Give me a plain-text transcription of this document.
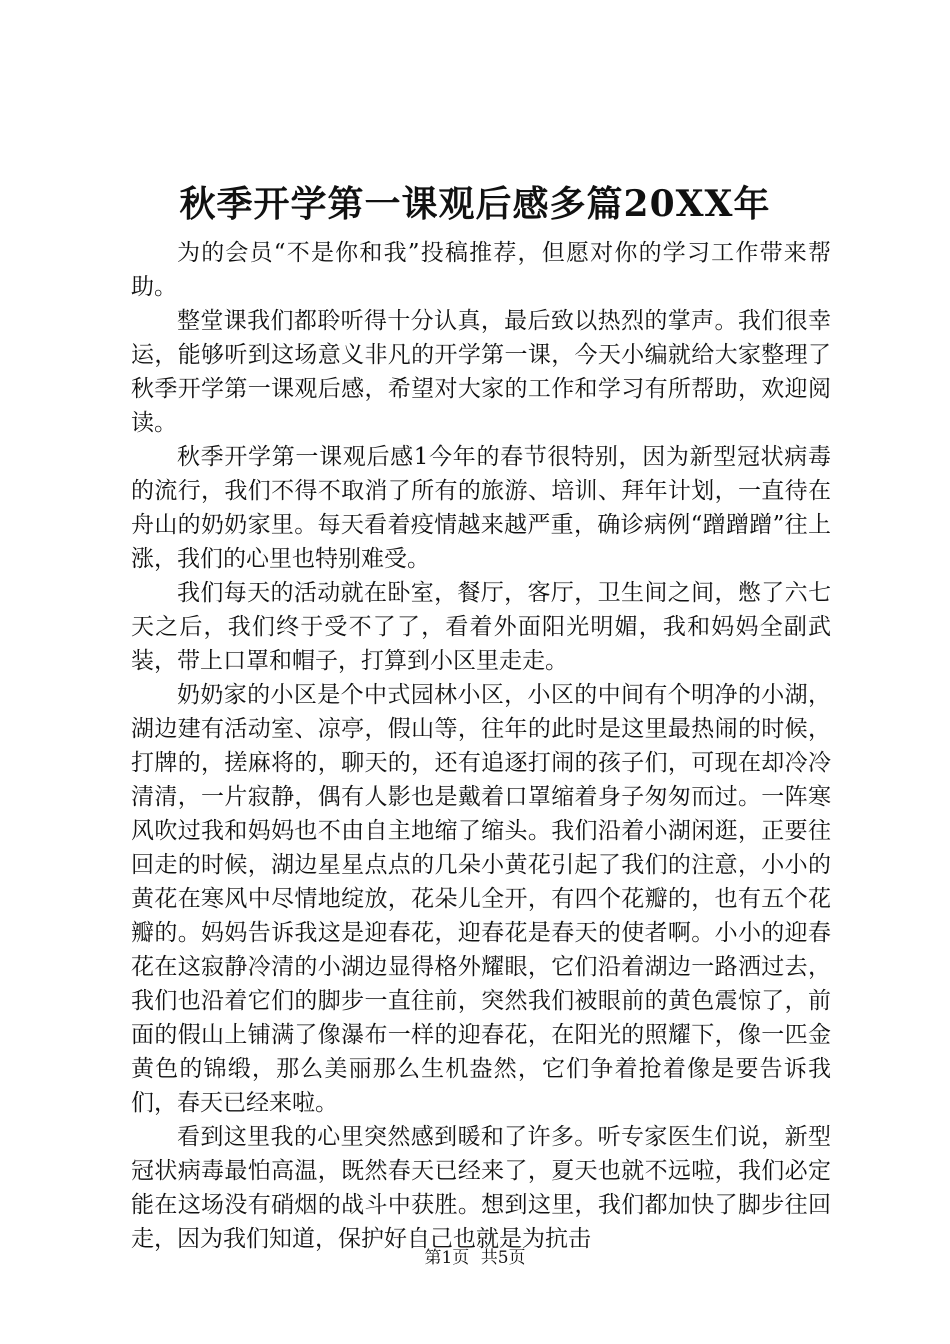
秋季开学第一课观后感多篇20XX年

为的会员“不是你和我”投稿推荐，但愿对你的学习工作带来帮助。

整堂课我们都聆听得十分认真，最后致以热烈的掌声。我们很幸运，能够听到这场意义非凡的开学第一课，今天小编就给大家整理了秋季开学第一课观后感，希望对大家的工作和学习有所帮助，欢迎阅读。

秋季开学第一课观后感1今年的春节很特别，因为新型冠状病毒的流行，我们不得不取消了所有的旅游、培训、拜年计划，一直待在舟山的奶奶家里。每天看着疫情越来越严重，确诊病例“蹭蹭蹭”往上涨，我们的心里也特别难受。

我们每天的活动就在卧室，餐厅，客厅，卫生间之间，憋了六七天之后，我们终于受不了了，看着外面阳光明媚，我和妈妈全副武装，带上口罩和帽子，打算到小区里走走。

奶奶家的小区是个中式园林小区，小区的中间有个明净的小湖，湖边建有活动室、凉亭，假山等，往年的此时是这里最热闹的时候，打牌的，搓麻将的，聊天的，还有追逐打闹的孩子们，可现在却冷冷清清，一片寂静，偶有人影也是戴着口罩缩着身子匆匆而过。一阵寒风吹过我和妈妈也不由自主地缩了缩头。我们沿着小湖闲逛，正要往回走的时候，湖边星星点点的几朵小黄花引起了我们的注意，小小的黄花在寒风中尽情地绽放，花朵儿全开，有四个花瓣的，也有五个花瓣的。妈妈告诉我这是迎春花，迎春花是春天的使者啊。小小的迎春花在这寂静冷清的小湖边显得格外耀眼，它们沿着湖边一路洒过去，我们也沿着它们的脚步一直往前，突然我们被眼前的黄色震惊了，前面的假山上铺满了像瀑布一样的迎春花，在阳光的照耀下，像一匹金黄色的锦缎，那么美丽那么生机盎然，它们争着抢着像是要告诉我们，春天已经来啦。

看到这里我的心里突然感到暖和了许多。听专家医生们说，新型冠状病毒最怕高温，既然春天已经来了，夏天也就不远啦，我们必定能在这场没有硝烟的战斗中获胜。想到这里，我们都加快了脚步往回走，因为我们知道，保护好自己也就是为抗击

第1页 共5页
